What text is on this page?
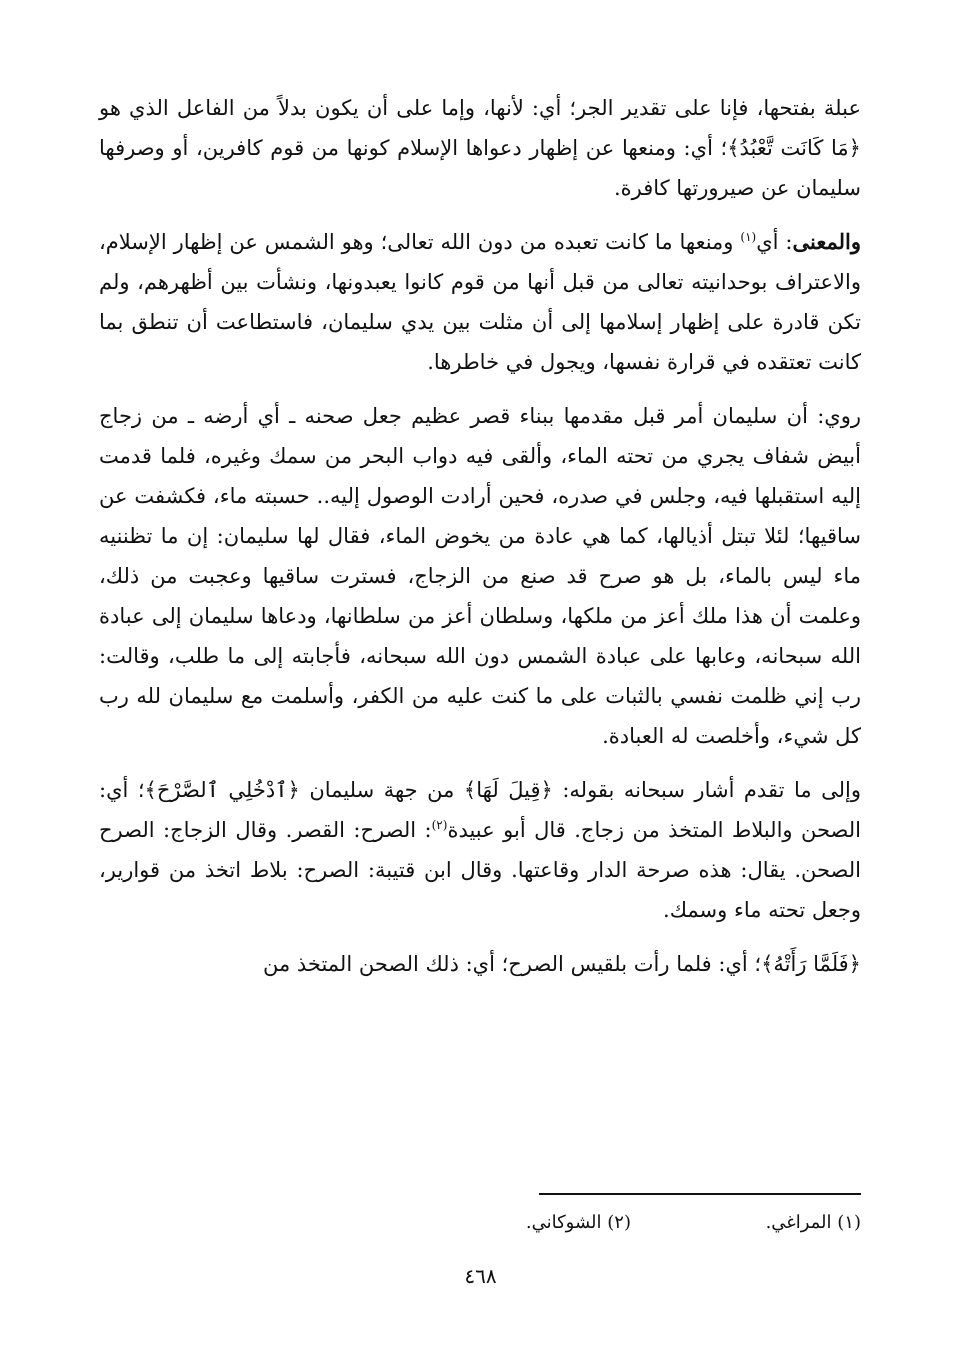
عبلة بفتحها، فإنا على تقدير الجر؛ أي: لأنها، وإما على أن يكون بدلاً من الفاعل الذي هو ﴿مَا كَانَت تَّعْبُدُ﴾؛ أي: ومنعها عن إظهار دعواها الإسلام كونها من قوم كافرين، أو وصرفها سليمان عن صيرورتها كافرة.

والمعنى: أي$^{(١)}$ ومنعها ما كانت تعبده من دون الله تعالى؛ وهو الشمس عن إظهار الإسلام، والاعتراف بوحدانيته تعالى من قبل أنها من قوم كانوا يعبدونها، ونشأت بين أظهرهم، ولم تكن قادرة على إظهار إسلامها إلى أن مثلت بين يدي سليمان، فاستطاعت أن تنطق بما كانت تعتقده في قرارة نفسها، ويجول في خاطرها.

روي: أن سليمان أمر قبل مقدمها ببناء قصر عظيم جعل صحنه ـ أي أرضه ـ من زجاج أبيض شفاف يجري من تحته الماء، وألقى فيه دواب البحر من سمك وغيره، فلما قدمت إليه استقبلها فيه، وجلس في صدره، فحين أرادت الوصول إليه.. حسبته ماء، فكشفت عن ساقيها؛ لئلا تبتل أذيالها، كما هي عادة من يخوض الماء، فقال لها سليمان: إن ما تظننيه ماء ليس بالماء، بل هو صرح قد صنع من الزجاج، فسترت ساقيها وعجبت من ذلك، وعلمت أن هذا ملك أعز من ملكها، وسلطان أعز من سلطانها، ودعاها سليمان إلى عبادة الله سبحانه، وعابها على عبادة الشمس دون الله سبحانه، فأجابته إلى ما طلب، وقالت: رب إني ظلمت نفسي بالثبات على ما كنت عليه من الكفر، وأسلمت مع سليمان لله رب كل شيء، وأخلصت له العبادة.

وإلى ما تقدم أشار سبحانه بقوله: ﴿قِيلَ لَهَا﴾ من جهة سليمان ﴿ٱدْخُلِي ٱلصَّرْحَ﴾؛ أي: الصحن والبلاط المتخذ من زجاج. قال أبو عبيدة$^{(٢)}$: الصرح: القصر. وقال الزجاج: الصرح الصحن. يقال: هذه صرحة الدار وقاعتها. وقال ابن قتيبة: الصرح: بلاط اتخذ من قوارير، وجعل تحته ماء وسمك.

﴿فَلَمَّا رَأَتْهُ﴾؛ أي: فلما رأت بلقيس الصرح؛ أي: ذلك الصحن المتخذ من

(١) المراغي.
(٢) الشوكاني.
٤٦٨
